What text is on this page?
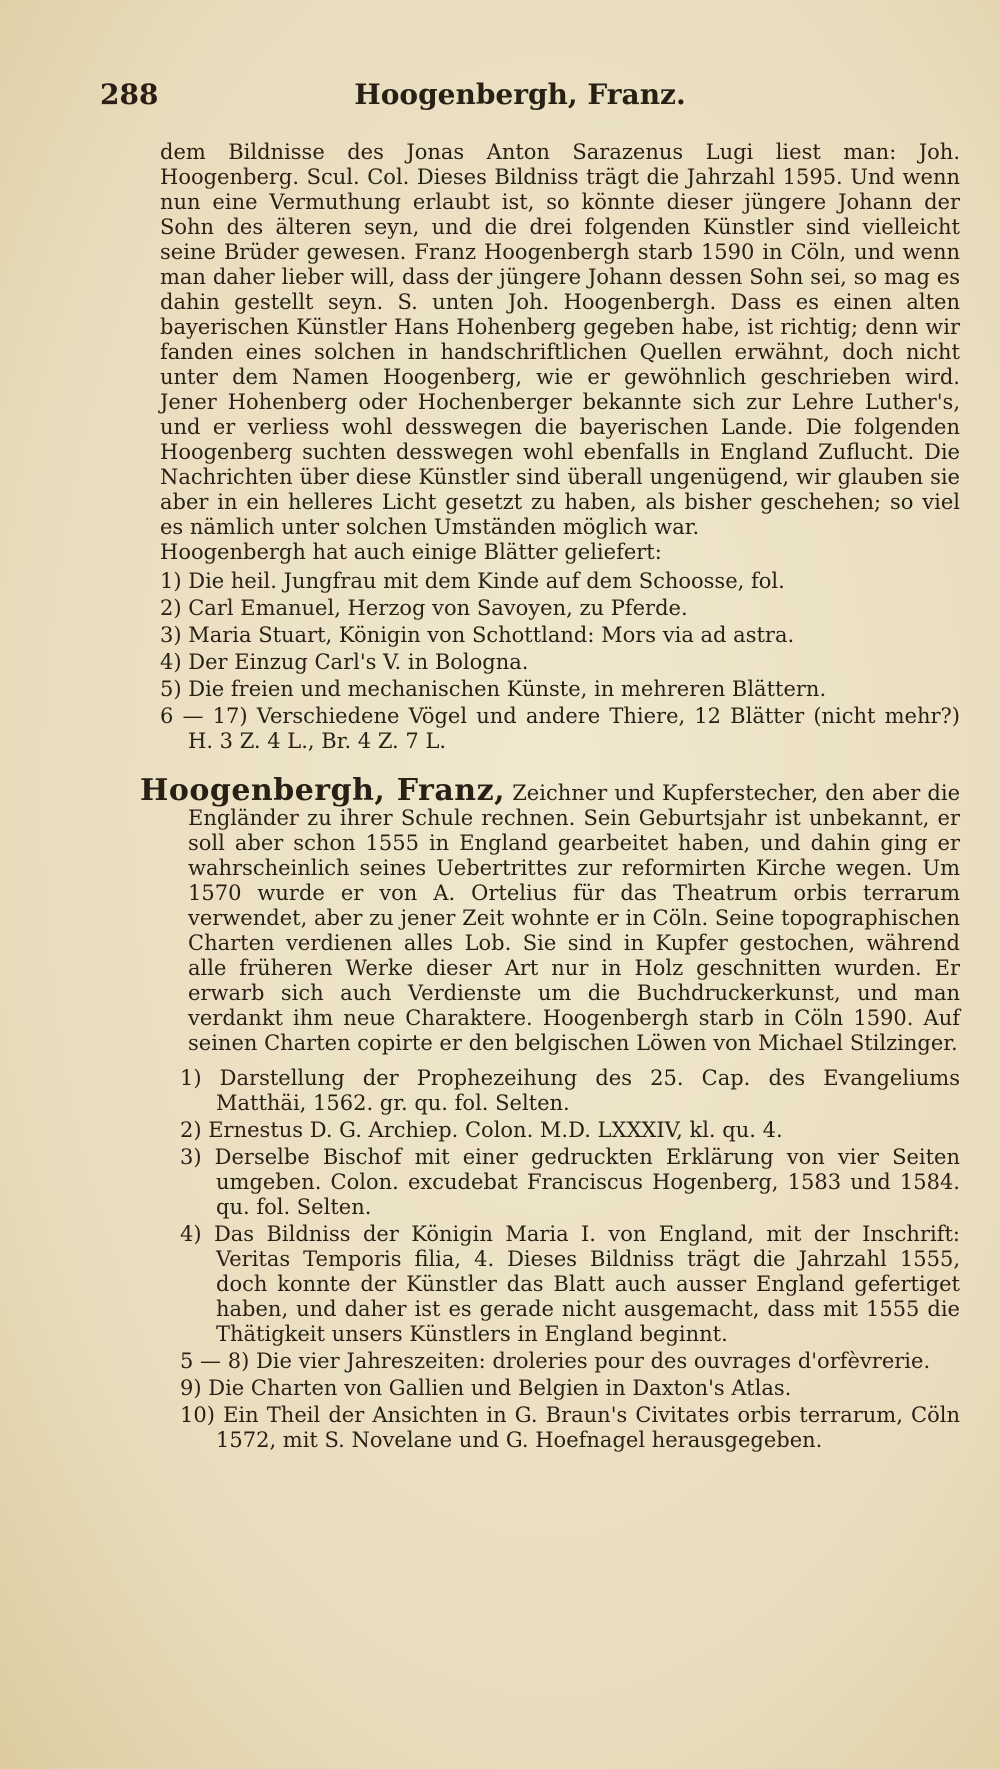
288	Hoogenbergh, Franz.

dem Bildnisse des Jonas Anton Sarazenus Lugi liest man: Joh. Hoogenberg. Scul. Col. Dieses Bildniss trägt die Jahrzahl 1595. Und wenn nun eine Vermuthung erlaubt ist, so könnte dieser jüngere Johann der Sohn des älteren seyn, und die drei folgenden Künstler sind vielleicht seine Brüder gewesen. Franz Hoogenbergh starb 1590 in Cöln, und wenn man daher lieber will, dass der jüngere Johann dessen Sohn sei, so mag es dahin gestellt seyn. S. unten Joh. Hoogenbergh. Dass es einen alten bayerischen Künstler Hans Hohenberg gegeben habe, ist richtig; denn wir fanden eines solchen in handschriftlichen Quellen erwähnt, doch nicht unter dem Namen Hoogenberg, wie er gewöhnlich geschrieben wird. Jener Hohenberg oder Hochenberger bekannte sich zur Lehre Luther's, und er verliess wohl desswegen die bayerischen Lande. Die folgenden Hoogenberg suchten desswegen wohl ebenfalls in England Zuflucht. Die Nachrichten über diese Künstler sind überall ungenügend, wir glauben sie aber in ein helleres Licht gesetzt zu haben, als bisher geschehen; so viel es nämlich unter solchen Umständen möglich war.

Hoogenbergh hat auch einige Blätter geliefert:

1) Die heil. Jungfrau mit dem Kinde auf dem Schoosse, fol.
2) Carl Emanuel, Herzog von Savoyen, zu Pferde.
3) Maria Stuart, Königin von Schottland: Mors via ad astra.
4) Der Einzug Carl's V. in Bologna.
5) Die freien und mechanischen Künste, in mehreren Blättern.
6 — 17) Verschiedene Vögel und andere Thiere, 12 Blätter (nicht mehr?) H. 3 Z. 4 L., Br. 4 Z. 7 L.

Hoogenbergh, Franz, Zeichner und Kupferstecher, den aber die Engländer zu ihrer Schule rechnen. Sein Geburtsjahr ist unbekannt, er soll aber schon 1555 in England gearbeitet haben, und dahin ging er wahrscheinlich seines Uebertrittes zur reformirten Kirche wegen. Um 1570 wurde er von A. Ortelius für das Theatrum orbis terrarum verwendet, aber zu jener Zeit wohnte er in Cöln. Seine topographischen Charten verdienen alles Lob. Sie sind in Kupfer gestochen, während alle früheren Werke dieser Art nur in Holz geschnitten wurden. Er erwarb sich auch Verdienste um die Buchdruckerkunst, und man verdankt ihm neue Charaktere. Hoogenbergh starb in Cöln 1590. Auf seinen Charten copirte er den belgischen Löwen von Michael Stilzinger.

1) Darstellung der Prophezeihung des 25. Cap. des Evangeliums Matthäi, 1562. gr. qu. fol. Selten.
2) Ernestus D. G. Archiep. Colon. M.D. LXXXIV, kl. qu. 4.
3) Derselbe Bischof mit einer gedruckten Erklärung von vier Seiten umgeben. Colon. excudebat Franciscus Hogenberg, 1583 und 1584. qu. fol. Selten.
4) Das Bildniss der Königin Maria I. von England, mit der Inschrift: Veritas Temporis filia, 4. Dieses Bildniss trägt die Jahrzahl 1555, doch konnte der Künstler das Blatt auch ausser England gefertiget haben, und daher ist es gerade nicht ausgemacht, dass mit 1555 die Thätigkeit unsers Künstlers in England beginnt.
5 — 8) Die vier Jahreszeiten: droleries pour des ouvrages d'orfèvrerie.
9) Die Charten von Gallien und Belgien in Daxton's Atlas.
10) Ein Theil der Ansichten in G. Braun's Civitates orbis terrarum, Cöln 1572, mit S. Novelane und G. Hoefnagel herausgegeben.
